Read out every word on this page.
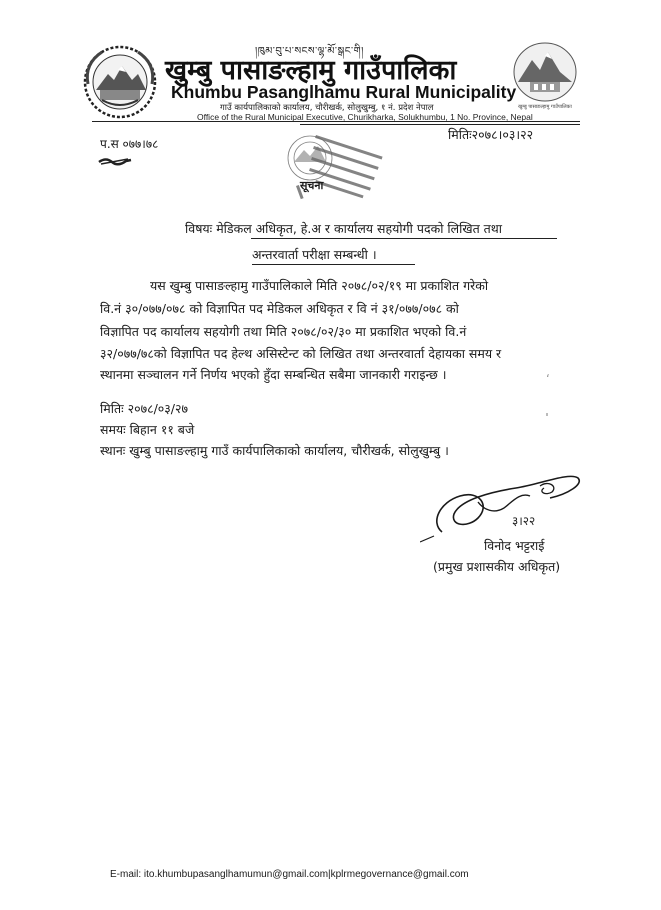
།ཁུམ་བུ་པ་སངས་ལྷ་མོ་སྒང་གི།
खुम्बु पासाङल्हामु गाउँपालिका
Khumbu Pasanglhamu Rural Municipality
गाउँ कार्यपालिकाको कार्यालय, चौरीखर्क, सोलुखुम्बु, १ नं. प्रदेश नेपाल
Office of the Rural Municipal Executive, Churikharka, Solukhumbu, 1 No. Province, Nepal
खुम्बु पासाङल्हामु गाउँपालिका
प.स ०७७।७८
मितिः२०७८।०३।२२
सूचना
विषयः मेडिकल अधिकृत, हे.अ र कार्यालय सहयोगी पदको लिखित तथा
अन्तरवार्ता परीक्षा सम्बन्धी ।
यस खुम्बु पासाङल्हामु गाउँपालिकाले मिति २०७८/०२/१९ मा प्रकाशित गरेको
वि.नं ३०/०७७/०७८ को विज्ञापित पद मेडिकल अधिकृत र वि नं ३१/०७७/०७८ को
विज्ञापित पद कार्यालय सहयोगी तथा मिति २०७८/०२/३० मा प्रकाशित भएको वि.नं
३२/०७७/७८को विज्ञापित पद हेल्थ असिस्टेन्ट को लिखित तथा अन्तरवार्ता देहायका समय र
स्थानमा सञ्चालन गर्ने निर्णय भएको हुँदा सम्बन्धित सबैमा जानकारी गराइन्छ ।	ʻ
मितिः २०७८/०३/२७
समयः बिहान ११ बजे
स्थानः खुम्बु पासाङल्हामु गाउँ कार्यपालिकाको कार्यालय, चौरीखर्क, सोलुखुम्बु ।
३।२२
विनोद भट्टराई
(प्रमुख प्रशासकीय अधिकृत)
E-mail: ito.khumbupasanglhamumun@gmail.com|kplrmegovernance@gmail.com
